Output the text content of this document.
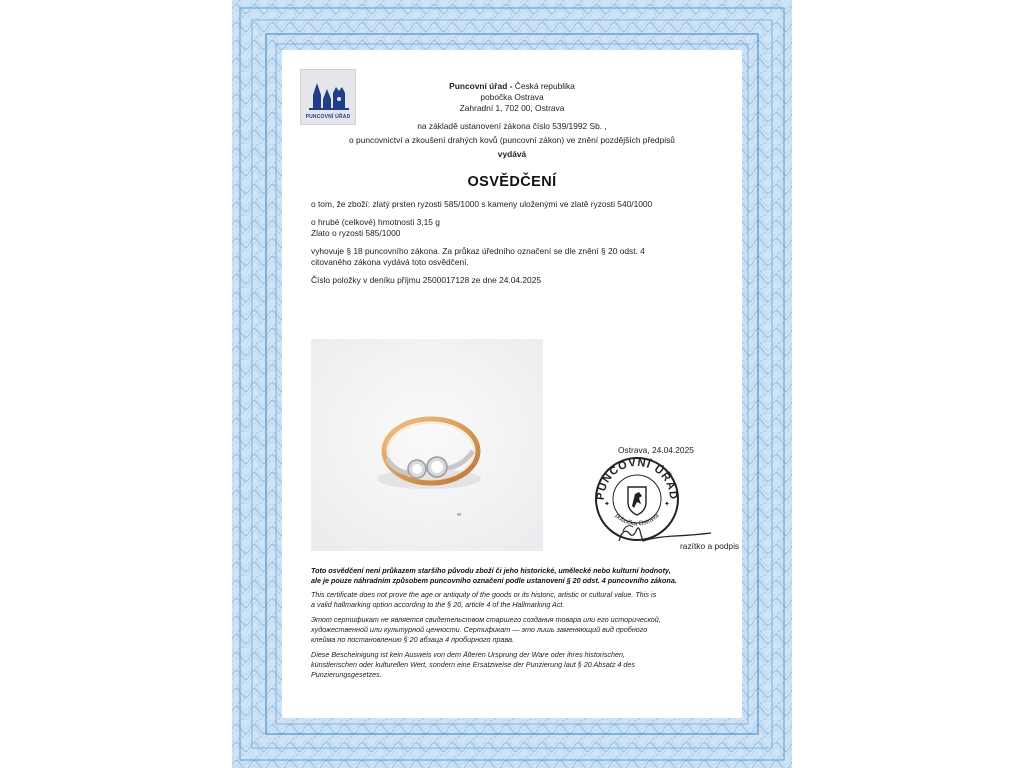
PUNCOVNÍ ÚŘAD
Puncovní úřad - Česká republika
pobočka Ostrava
Zahradní 1, 702 00, Ostrava
na základě ustanovení zákona číslo 539/1992 Sb. ,
o puncovnictví a zkoušení drahých kovů (puncovní zákon) ve znění pozdějších předpisů
vydává
OSVĚDČENÍ
o tom, že zboží: zlatý prsten ryzosti 585/1000 s kameny uloženými ve zlatě ryzosti 540/1000
o hrubé (celkové) hmotnosti 3,15 g
Zlato o ryzosti 585/1000
vyhovuje § 18 puncovního zákona. Za průkaz úředního označení se dle znění § 20 odst. 4
citovaného zákona vydává toto osvědčení.
Číslo položky v deníku příjmu 2500017128 ze dne 24.04.2025
Ostrava, 24.04.2025
PUNCOVNÍ ÚŘAD
pobočka Ostrava
✦	✦
razítko a podpis
Toto osvědčení není průkazem staršího původu zboží či jeho historické, umělecké nebo kulturní hodnoty,
ale je pouze náhradním způsobem puncovního označení podle ustanovení § 20 odst. 4 puncovního zákona.
This certificate does not prove the age or antiquity of the goods or its historic, artistic or cultural value. This is
a valid hallmarking option according to the § 20, article 4 of the Hallmarking Act.
Этот сертификат не является свидетельством старшего создания товара или его исторической,
художественной или культурной ценности. Сертификат — это лишь заменяющий вид пробного
клейма по постановлению § 20 абзаца 4 пробирного права.
Diese Bescheinigung ist kein Ausweis von dem Älteren Ursprung der Ware oder ihres historischen,
künstlerischen oder kulturellen Wert, sondern eine Ersatzweise der Punzierung laut § 20 Absatz 4 des
Punzierungsgesetzes.
